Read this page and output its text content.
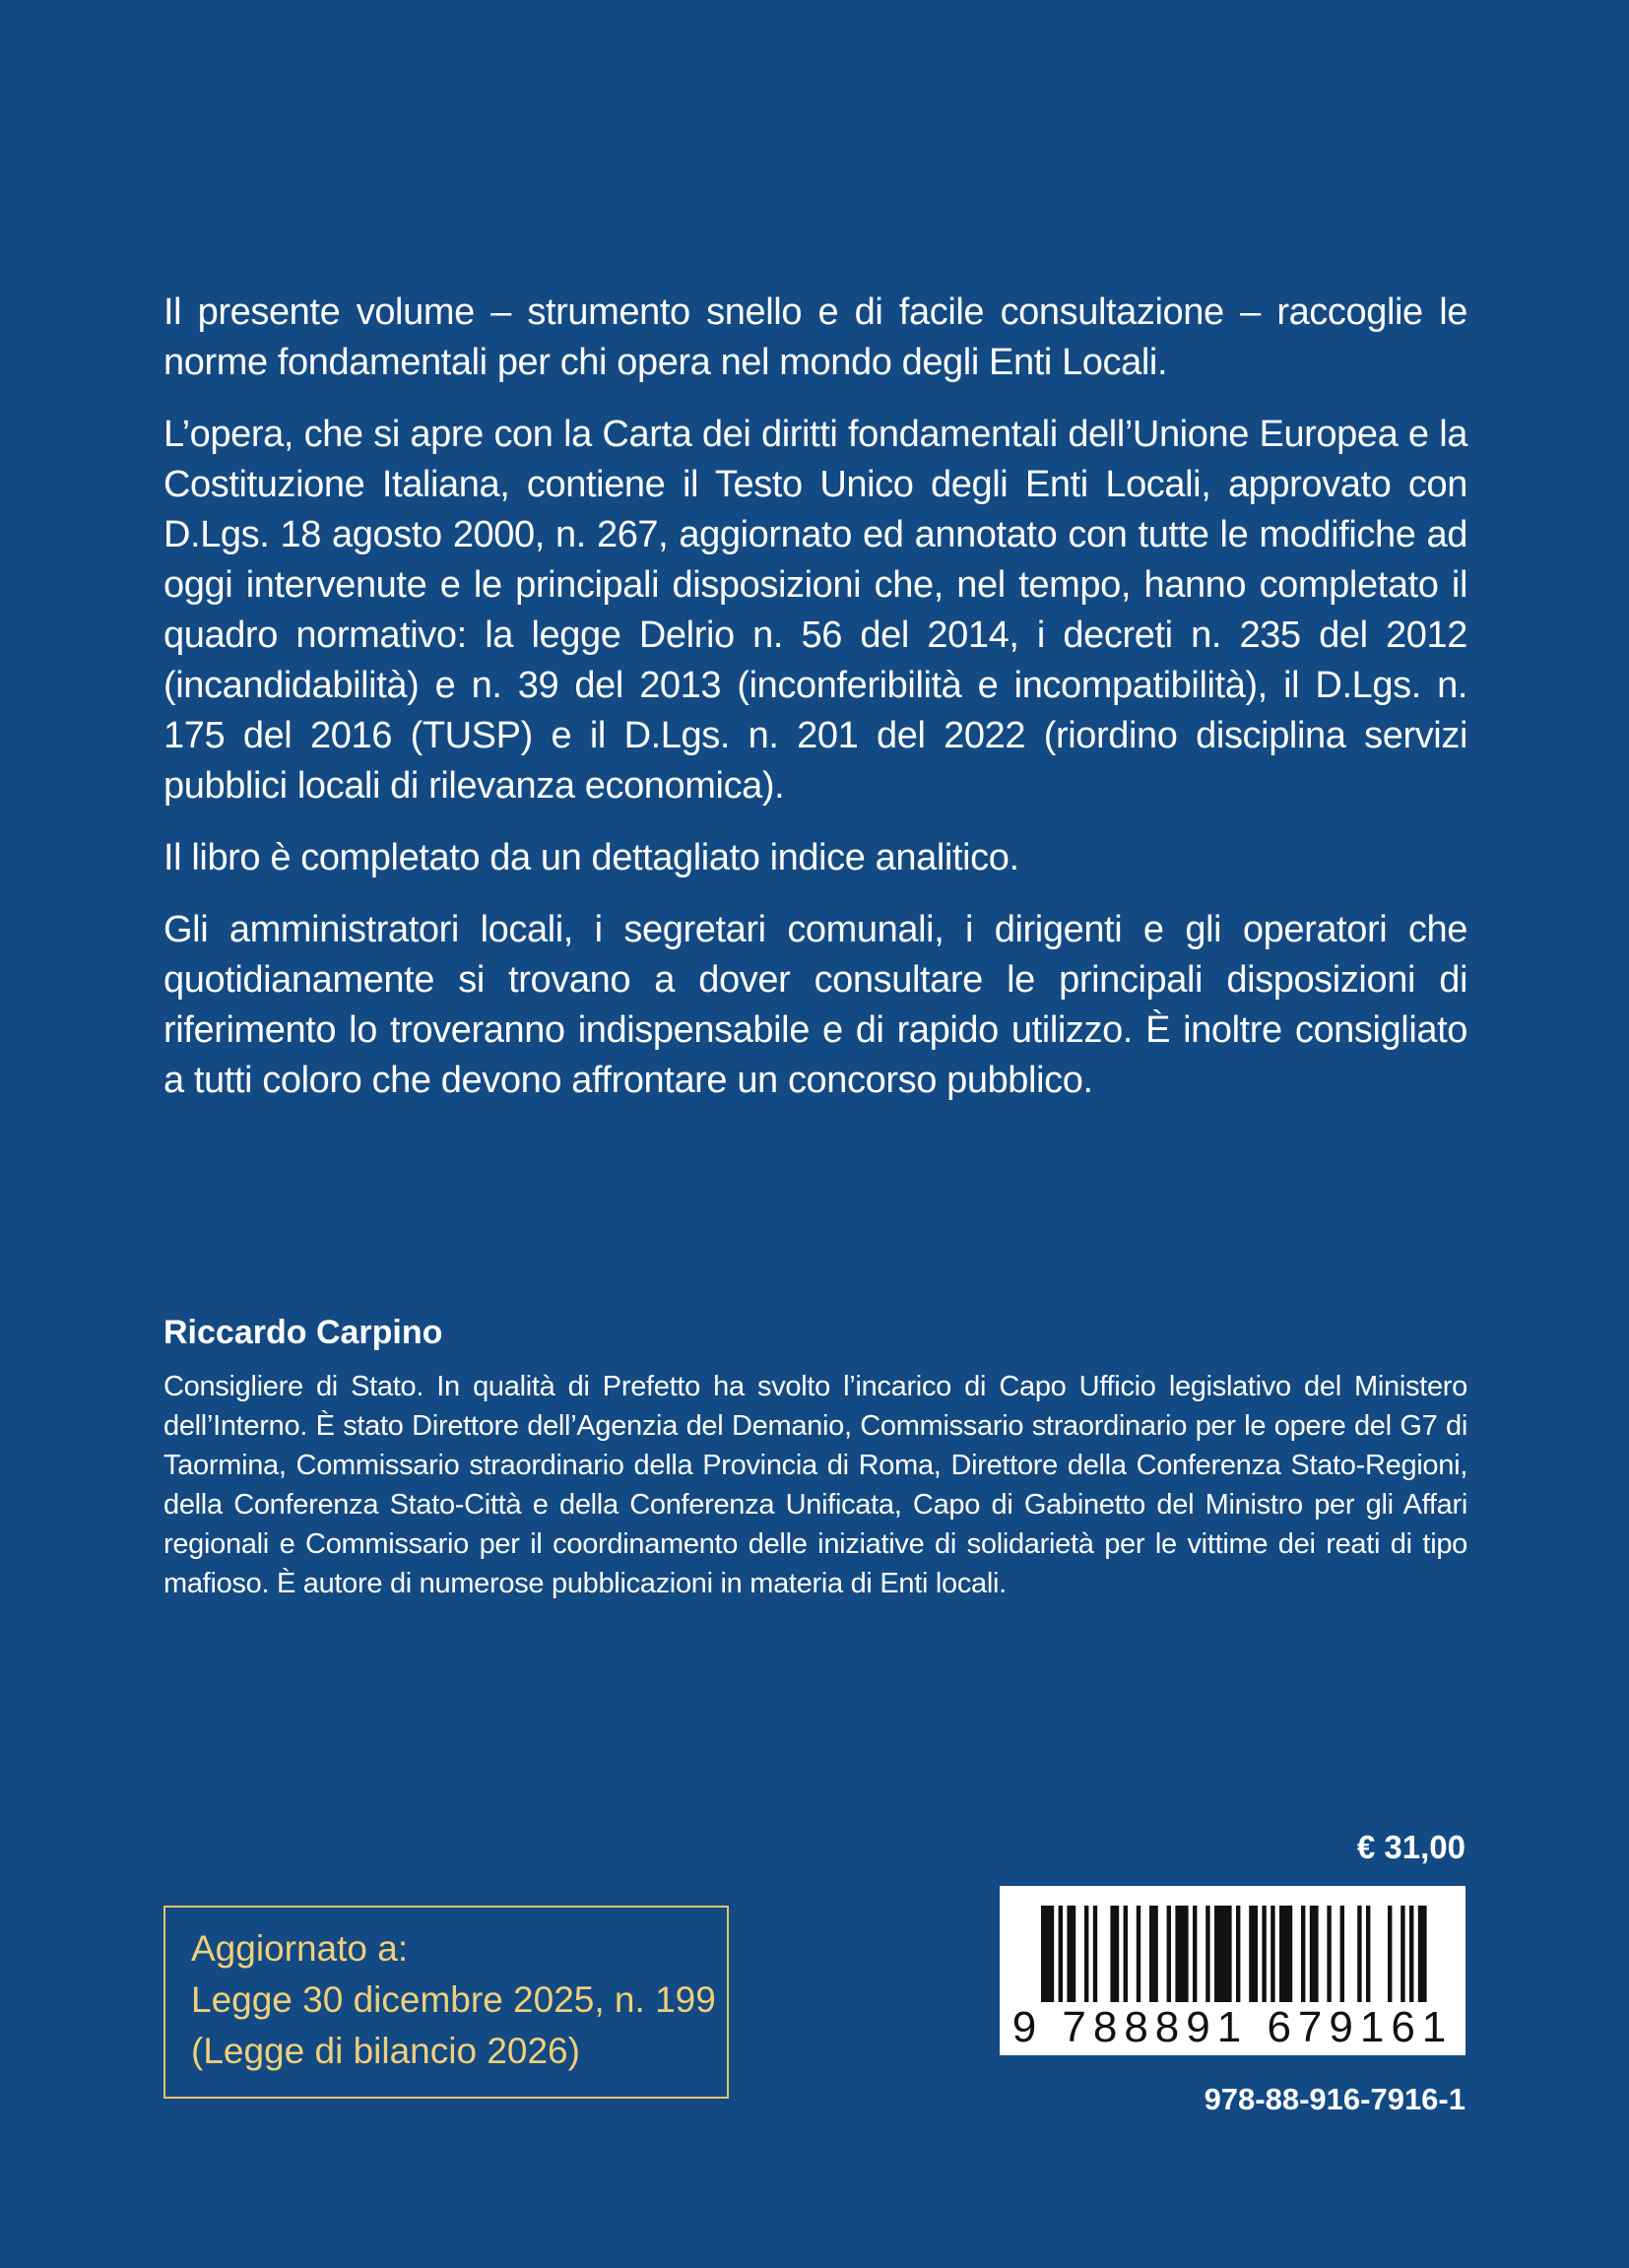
Il presente volume – strumento snello e di facile consultazione – raccoglie le norme fondamentali per chi opera nel mondo degli Enti Locali.

L’opera, che si apre con la Carta dei diritti fondamentali dell’Unione Europea e la Costituzione Italiana, contiene il Testo Unico degli Enti Locali, approvato con D.Lgs. 18 agosto 2000, n. 267, aggiornato ed annotato con tutte le modifiche ad oggi intervenute e le principali disposizioni che, nel tempo, hanno completato il quadro normativo: la legge Delrio n. 56 del 2014, i decreti n. 235 del 2012 (incandidabilità) e n. 39 del 2013 (inconferibilità e incompatibilità), il D.Lgs. n. 175 del 2016 (TUSP) e il D.Lgs. n. 201 del 2022 (riordino disciplina servizi pubblici locali di rilevanza economica).

Il libro è completato da un dettagliato indice analitico.

Gli amministratori locali, i segretari comunali, i dirigenti e gli operatori che quotidianamente si trovano a dover consultare le principali disposizioni di riferimento lo troveranno indispensabile e di rapido utilizzo. È inoltre consigliato a tutti coloro che devono affrontare un concorso pubblico.

Riccardo Carpino

Consigliere di Stato. In qualità di Prefetto ha svolto l’incarico di Capo Ufficio legislativo del Ministero dell’Interno. È stato Direttore dell’Agenzia del Demanio, Commissario straordinario per le opere del G7 di Taormina, Commissario straordinario della Provincia di Roma, Direttore della Conferenza Stato-Regioni, della Conferenza Stato-Città e della Conferenza Unificata, Capo di Gabinetto del Ministro per gli Affari regionali e Commissario per il coordinamento delle iniziative di solidarietà per le vittime dei reati di tipo mafioso. È autore di numerose pubblicazioni in materia di Enti locali.

Aggiornato a:
Legge 30 dicembre 2025, n. 199
(Legge di bilancio 2026)
€ 31,00
9 788891 679161
978-88-916-7916-1
